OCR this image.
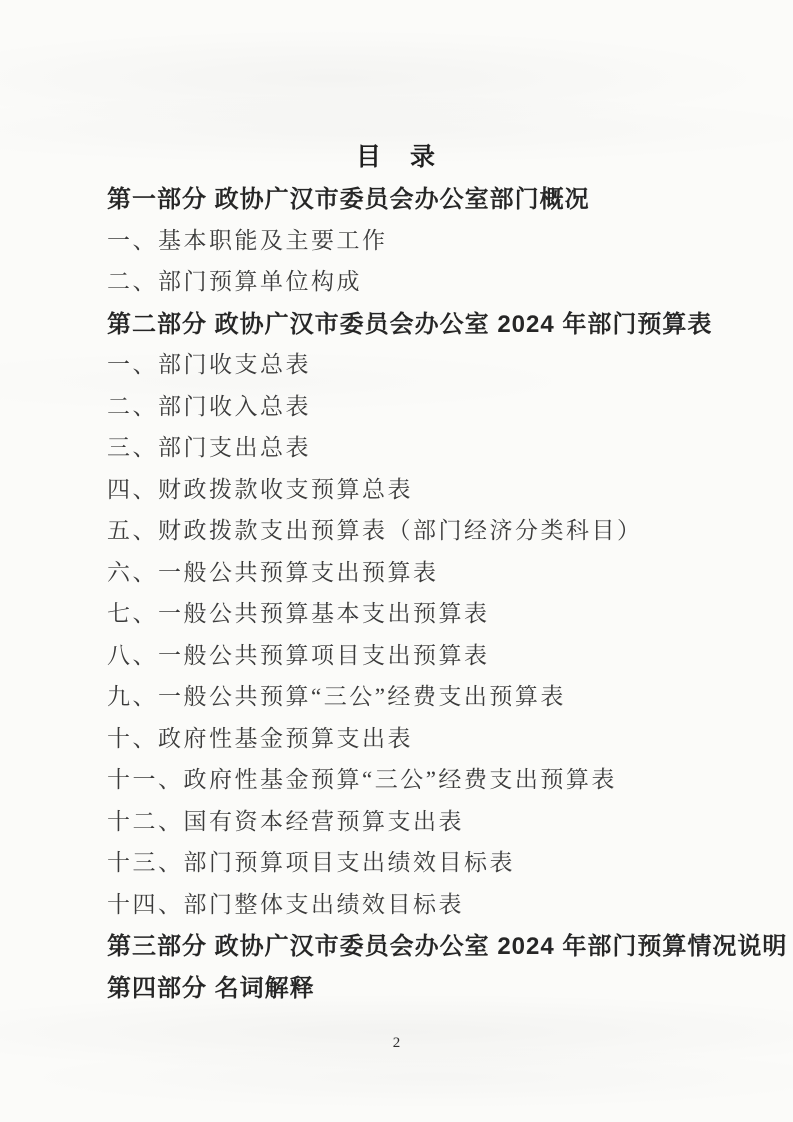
目　录
第一部分 政协广汉市委员会办公室部门概况
一、基本职能及主要工作
二、部门预算单位构成
第二部分 政协广汉市委员会办公室 2024 年部门预算表
一、部门收支总表
二、部门收入总表
三、部门支出总表
四、财政拨款收支预算总表
五、财政拨款支出预算表（部门经济分类科目）
六、一般公共预算支出预算表
七、一般公共预算基本支出预算表
八、一般公共预算项目支出预算表
九、一般公共预算“三公”经费支出预算表
十、政府性基金预算支出表
十一、政府性基金预算“三公”经费支出预算表
十二、国有资本经营预算支出表
十三、部门预算项目支出绩效目标表
十四、部门整体支出绩效目标表
第三部分 政协广汉市委员会办公室 2024 年部门预算情况说明
第四部分 名词解释
2
